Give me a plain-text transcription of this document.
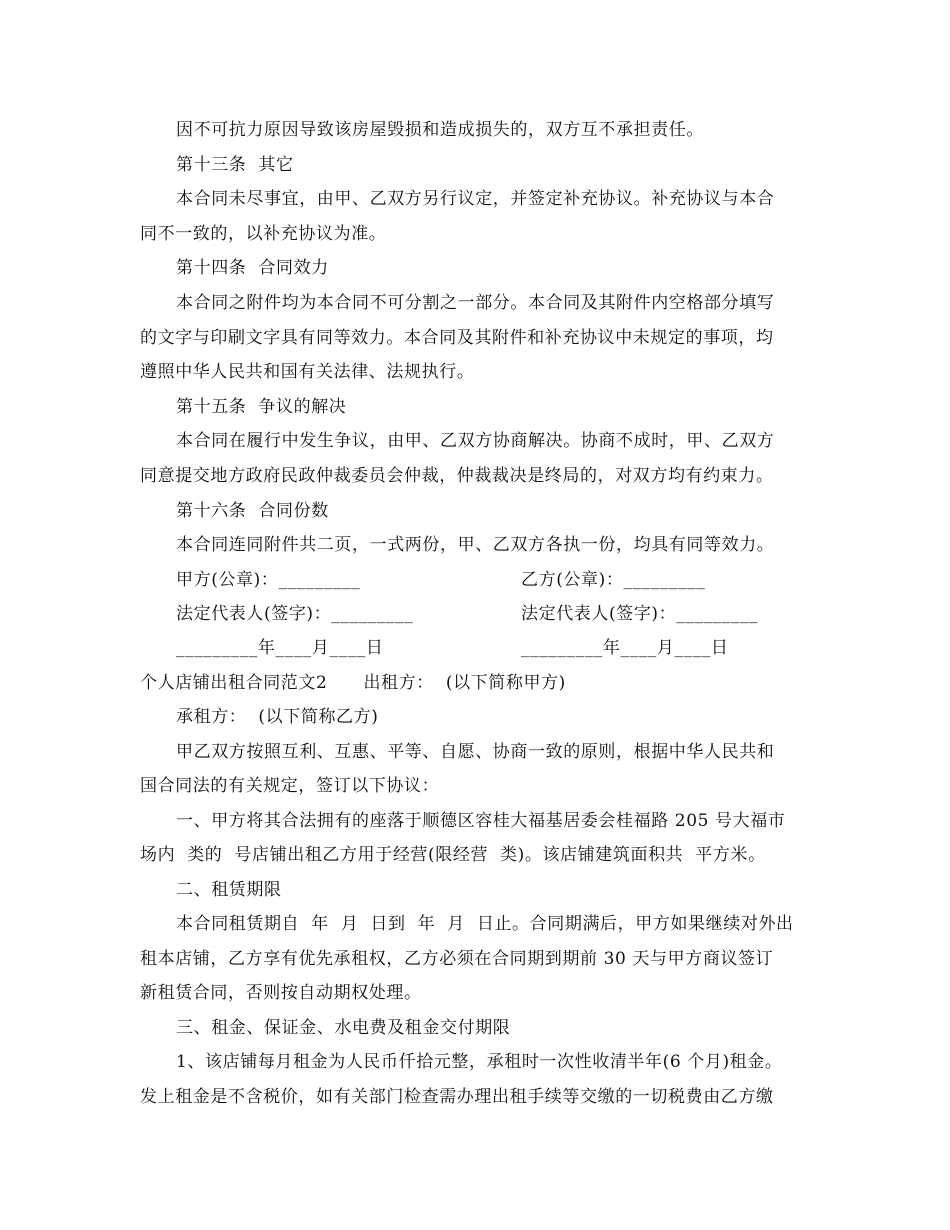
因不可抗力原因导致该房屋毁损和造成损失的，双方互不承担责任。
第十三条  其它
本合同未尽事宜，由甲、乙双方另行议定，并签定补充协议。补充协议与本合
同不一致的，以补充协议为准。
第十四条  合同效力
本合同之附件均为本合同不可分割之一部分。本合同及其附件内空格部分填写
的文字与印刷文字具有同等效力。本合同及其附件和补充协议中未规定的事项，均
遵照中华人民共和国有关法律、法规执行。
第十五条  争议的解决
本合同在履行中发生争议，由甲、乙双方协商解决。协商不成时，甲、乙双方
同意提交地方政府民政仲裁委员会仲裁，仲裁裁决是终局的，对双方均有约束力。
第十六条  合同份数
本合同连同附件共二页，一式两份，甲、乙双方各执一份，均具有同等效力。
甲方(公章)：_________	乙方(公章)：_________
法定代表人(签字)：_________	法定代表人(签字)：_________
_________年____月____日	_________年____月____日
个人店铺出租合同范文2      出租方：  (以下简称甲方)
承租方：  (以下简称乙方)
甲乙双方按照互利、互惠、平等、自愿、协商一致的原则，根据中华人民共和
国合同法的有关规定，签订以下协议：
一、甲方将其合法拥有的座落于顺德区容桂大福基居委会桂福路 205 号大福市
场内  类的  号店铺出租乙方用于经营(限经营  类)。该店铺建筑面积共  平方米。
二、租赁期限
本合同租赁期自  年  月  日到  年  月  日止。合同期满后，甲方如果继续对外出
租本店铺，乙方享有优先承租权，乙方必须在合同期到期前 30 天与甲方商议签订
新租赁合同，否则按自动期权处理。
三、租金、保证金、水电费及租金交付期限
1、该店铺每月租金为人民币仟拾元整，承租时一次性收清半年(6 个月)租金。
发上租金是不含税价，如有关部门检查需办理出租手续等交缴的一切税费由乙方缴
